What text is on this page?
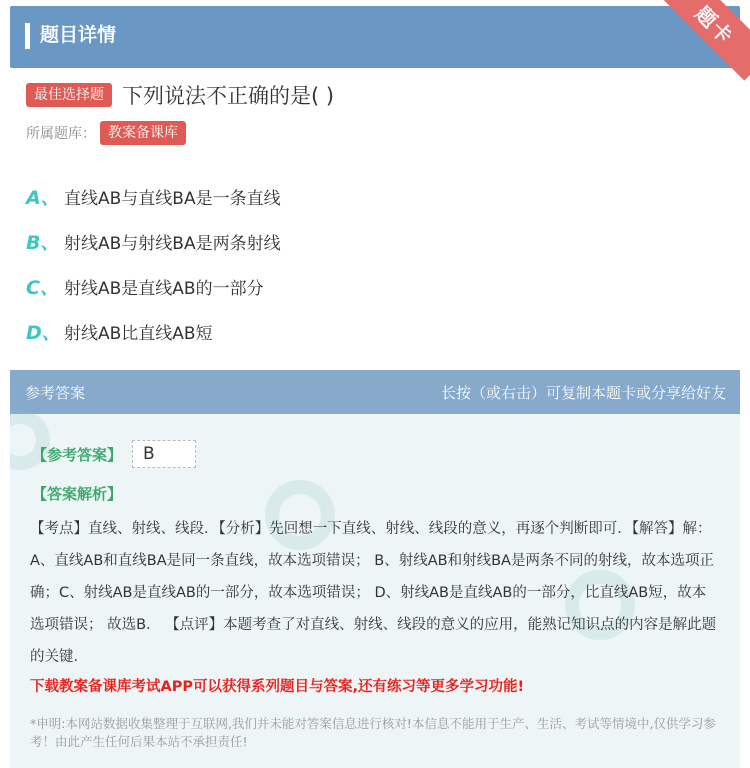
题目详情	题卡
最佳选择题 下列说法不正确的是( )
所属题库： 教案备课库
A、 直线AB与直线BA是一条直线
B、 射线AB与射线BA是两条射线
C、 射线AB是直线AB的一部分
D、 射线AB比直线AB短
参考答案	长按（或右击）可复制本题卡或分享给好友
【参考答案】	B
【答案解析】
【考点】直线、射线、线段．【分析】先回想一下直线、射线、线段的意义，再逐个判断即可．【解答】解：A、直线AB和直线BA是同一条直线，故本选项错误； B、射线AB和射线BA是两条不同的射线，故本选项正确；C、射线AB是直线AB的一部分，故本选项错误； D、射线AB是直线AB的一部分，比直线AB短，故本选项错误； 故选B． 【点评】本题考查了对直线、射线、线段的意义的应用，能熟记知识点的内容是解此题的关键．
下载教案备课库考试APP可以获得系列题目与答案,还有练习等更多学习功能!
*申明:本网站数据收集整理于互联网,我们并未能对答案信息进行核对!本信息不能用于生产、生活、考试等情境中,仅供学习参考！由此产生任何后果本站不承担责任!
